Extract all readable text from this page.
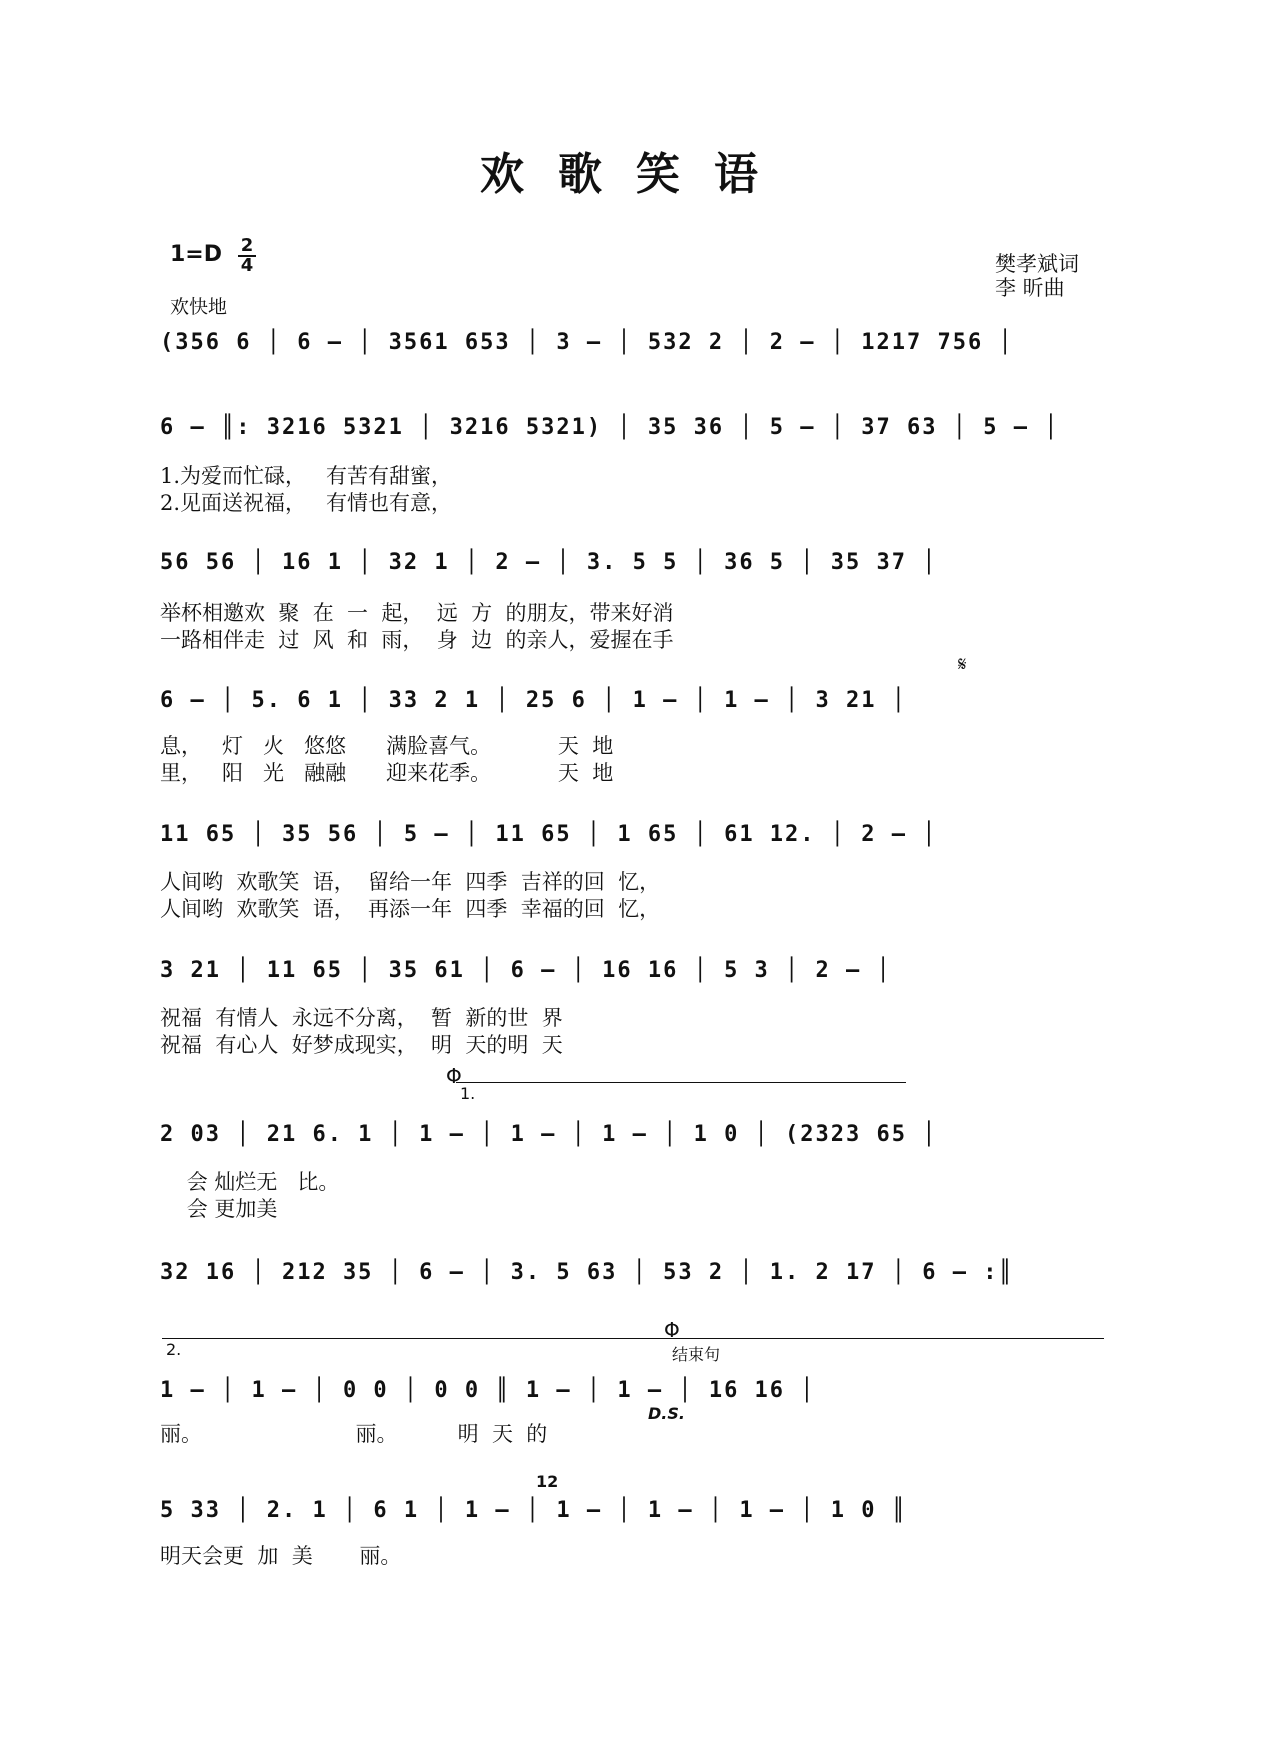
欢歌笑语
1=D 2
4
欢快地
樊孝斌词
李 昕曲
(356 6 │ 6 – │ 3561 653 │ 3 – │ 532 2 │ 2 – │ 1217 756 │
6 – ║: 3216 5321 │ 3216 5321) │ 35 36 │ 5 – │ 37 63 │ 5 – │
1.为爱而忙碌，   有苦有甜蜜，
2.见面送祝福，   有情也有意，
56 56 │ 16 1 │ 32 1 │ 2 – │ 3. 5 5 │ 36 5 │ 35 37 │
举杯相邀欢  聚  在  一  起，  远  方  的朋友，带来好消
一路相伴走  过  风  和  雨，  身  边  的亲人，爱握在手
6 – │ 5. 6 1 │ 33 2 1 │ 25 6 │ 1 – │ 1 – │ 3 21 │
息，   灯   火   悠悠      满脸喜气。          天  地
里，   阳   光   融融      迎来花季。          天  地
11 65 │ 35 56 │ 5 – │ 11 65 │ 1 65 │ 61 12. │ 2 – │
人间哟  欢歌笑  语，  留给一年  四季  吉祥的回  忆，
人间哟  欢歌笑  语，  再添一年  四季  幸福的回  忆，
3 21 │ 11 65 │ 35 61 │ 6 – │ 16 16 │ 5 3 │ 2 – │
祝福  有情人  永远不分离，  暂  新的世  界
祝福  有心人  好梦成现实，  明  天的明  天
2 03 │ 21 6. 1 │ 1 – │ 1 – │ 1 – │ 1 0 │ (2323 65 │
会 灿烂无   比。
会 更加美
32 16 │ 212 35 │ 6 – │ 3. 5 63 │ 53 2 │ 1. 2 17 │ 6 – :║
1 – │ 1 – │ 0 0 │ 0 0 ║ 1 – │ 1 – │ 16 16 │
丽。                       丽。         明  天  的
5 33 │ 2. 1 │ 6 1 │ 1 – │ 1 – │ 1 – │ 1 – │ 1 0 ║
明天会更  加  美       丽。
𝄋
Φ
1.
2.
Φ
结束句
D.S.
12
